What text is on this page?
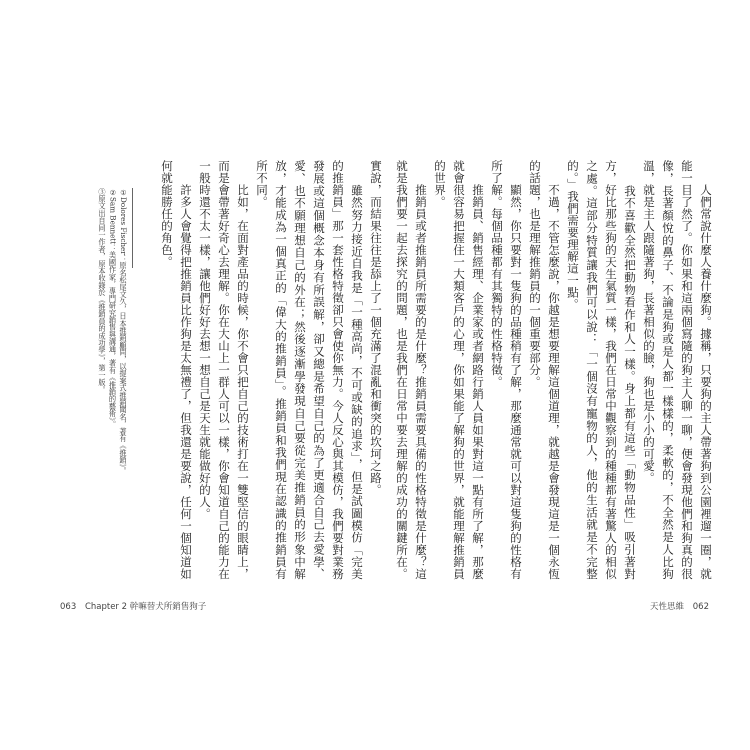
　　人們常說什麼人養什麼狗。據稱，只要狗的主人帶著狗到公園裡遛一圈，就能一目了然了。你如果和這兩個寫隨的狗主人聊一聊，便會發現他們和狗真的很像，長著顏悅的鼻子、不論是狗或是人都一樣樣的，柔軟的，不全然是人比狗溫，就是主人跟隨著狗，長著相似的臉，狗也是小小的可愛。
　　我不喜歡全然把動物看作和人一樣。身上都有這些「動物品性」吸引著對方，好比那些狗的天生氣質一樣，我們在日常中觀察到的種種都有著驚人的相似之處。這部分特質讓我們可以說：「一個沒有寵物的人，他的生活就是不完整的。」我們需要理解這一點。
　　不過，不管怎麼說，你越是想要理解這個道理，就越是會發現這是一個永恆的話題，也是理解推銷員的一個重要部分。
　　顯然，你只要對一隻狗的品種稍有了解，那麼通常就可以對這隻狗的性格有所了解。每個品種都有其獨特的性格特徵。
　　推銷員、銷售經理、企業家或者網路行銷人員如果對這一點有所了解，那麼就會很容易把握住一大類客戶的心理，你如果能了解狗的世界，就能理解推銷員的世界。
　　推銷員或者推銷員所需要的是什麼？推銷員需要具備的性格特徵是什麼？這就是我們要一起去探究的問題，也是我們在日常中要去理解的成功的關鍵所在。
實說，而結果往往是舔上了一個充滿了混亂和衝突的坎坷之路。
　　雖然努力接近自我是「一種高尚，不可或缺的追求」，但是試圖模仿「完美的推銷員」那一套性格特徵卻只會使你無力。今人反心與其模仿，我們要對業務發展或這個概念本身有所誤解，卻又總是希望自己的為了更適合自己去愛學、愛、也不願理想自己的外在；然後逐漸學發現自己要從完美推銷員的形象中解放，才能成為一個真正的「偉大的推銷員」。推銷員和我們現在認識的推銷員有所不同。
　　比如，在面對產品的時候，你不會只把自己的技術打在一雙堅信的眼睛上，而是會帶著好奇心去理解。你在大山上一群人可以一樣，你會知道自己的能力在一般時還不太一樣，讓他們好好去想一想自己是天生就能做好的人。
　　許多人會覺得把推銷員比作狗是太無禮了，但我還是要說，任何一個知道如何就能勝任的角色。
①Dolores Fischer：原名松尾文久，日本推銷顧問，以提案式推銷聞名，著有《推銷》。
②Sam Bennett：美國作家，專門研究銷售與溝通，著有《推銷的藝術》。
③原文出自同一作者，原本收錄於《推銷員的成功學》，第一版。
063 Chapter 2 幹嘛替犬所銷售狗子	天性思維 062
